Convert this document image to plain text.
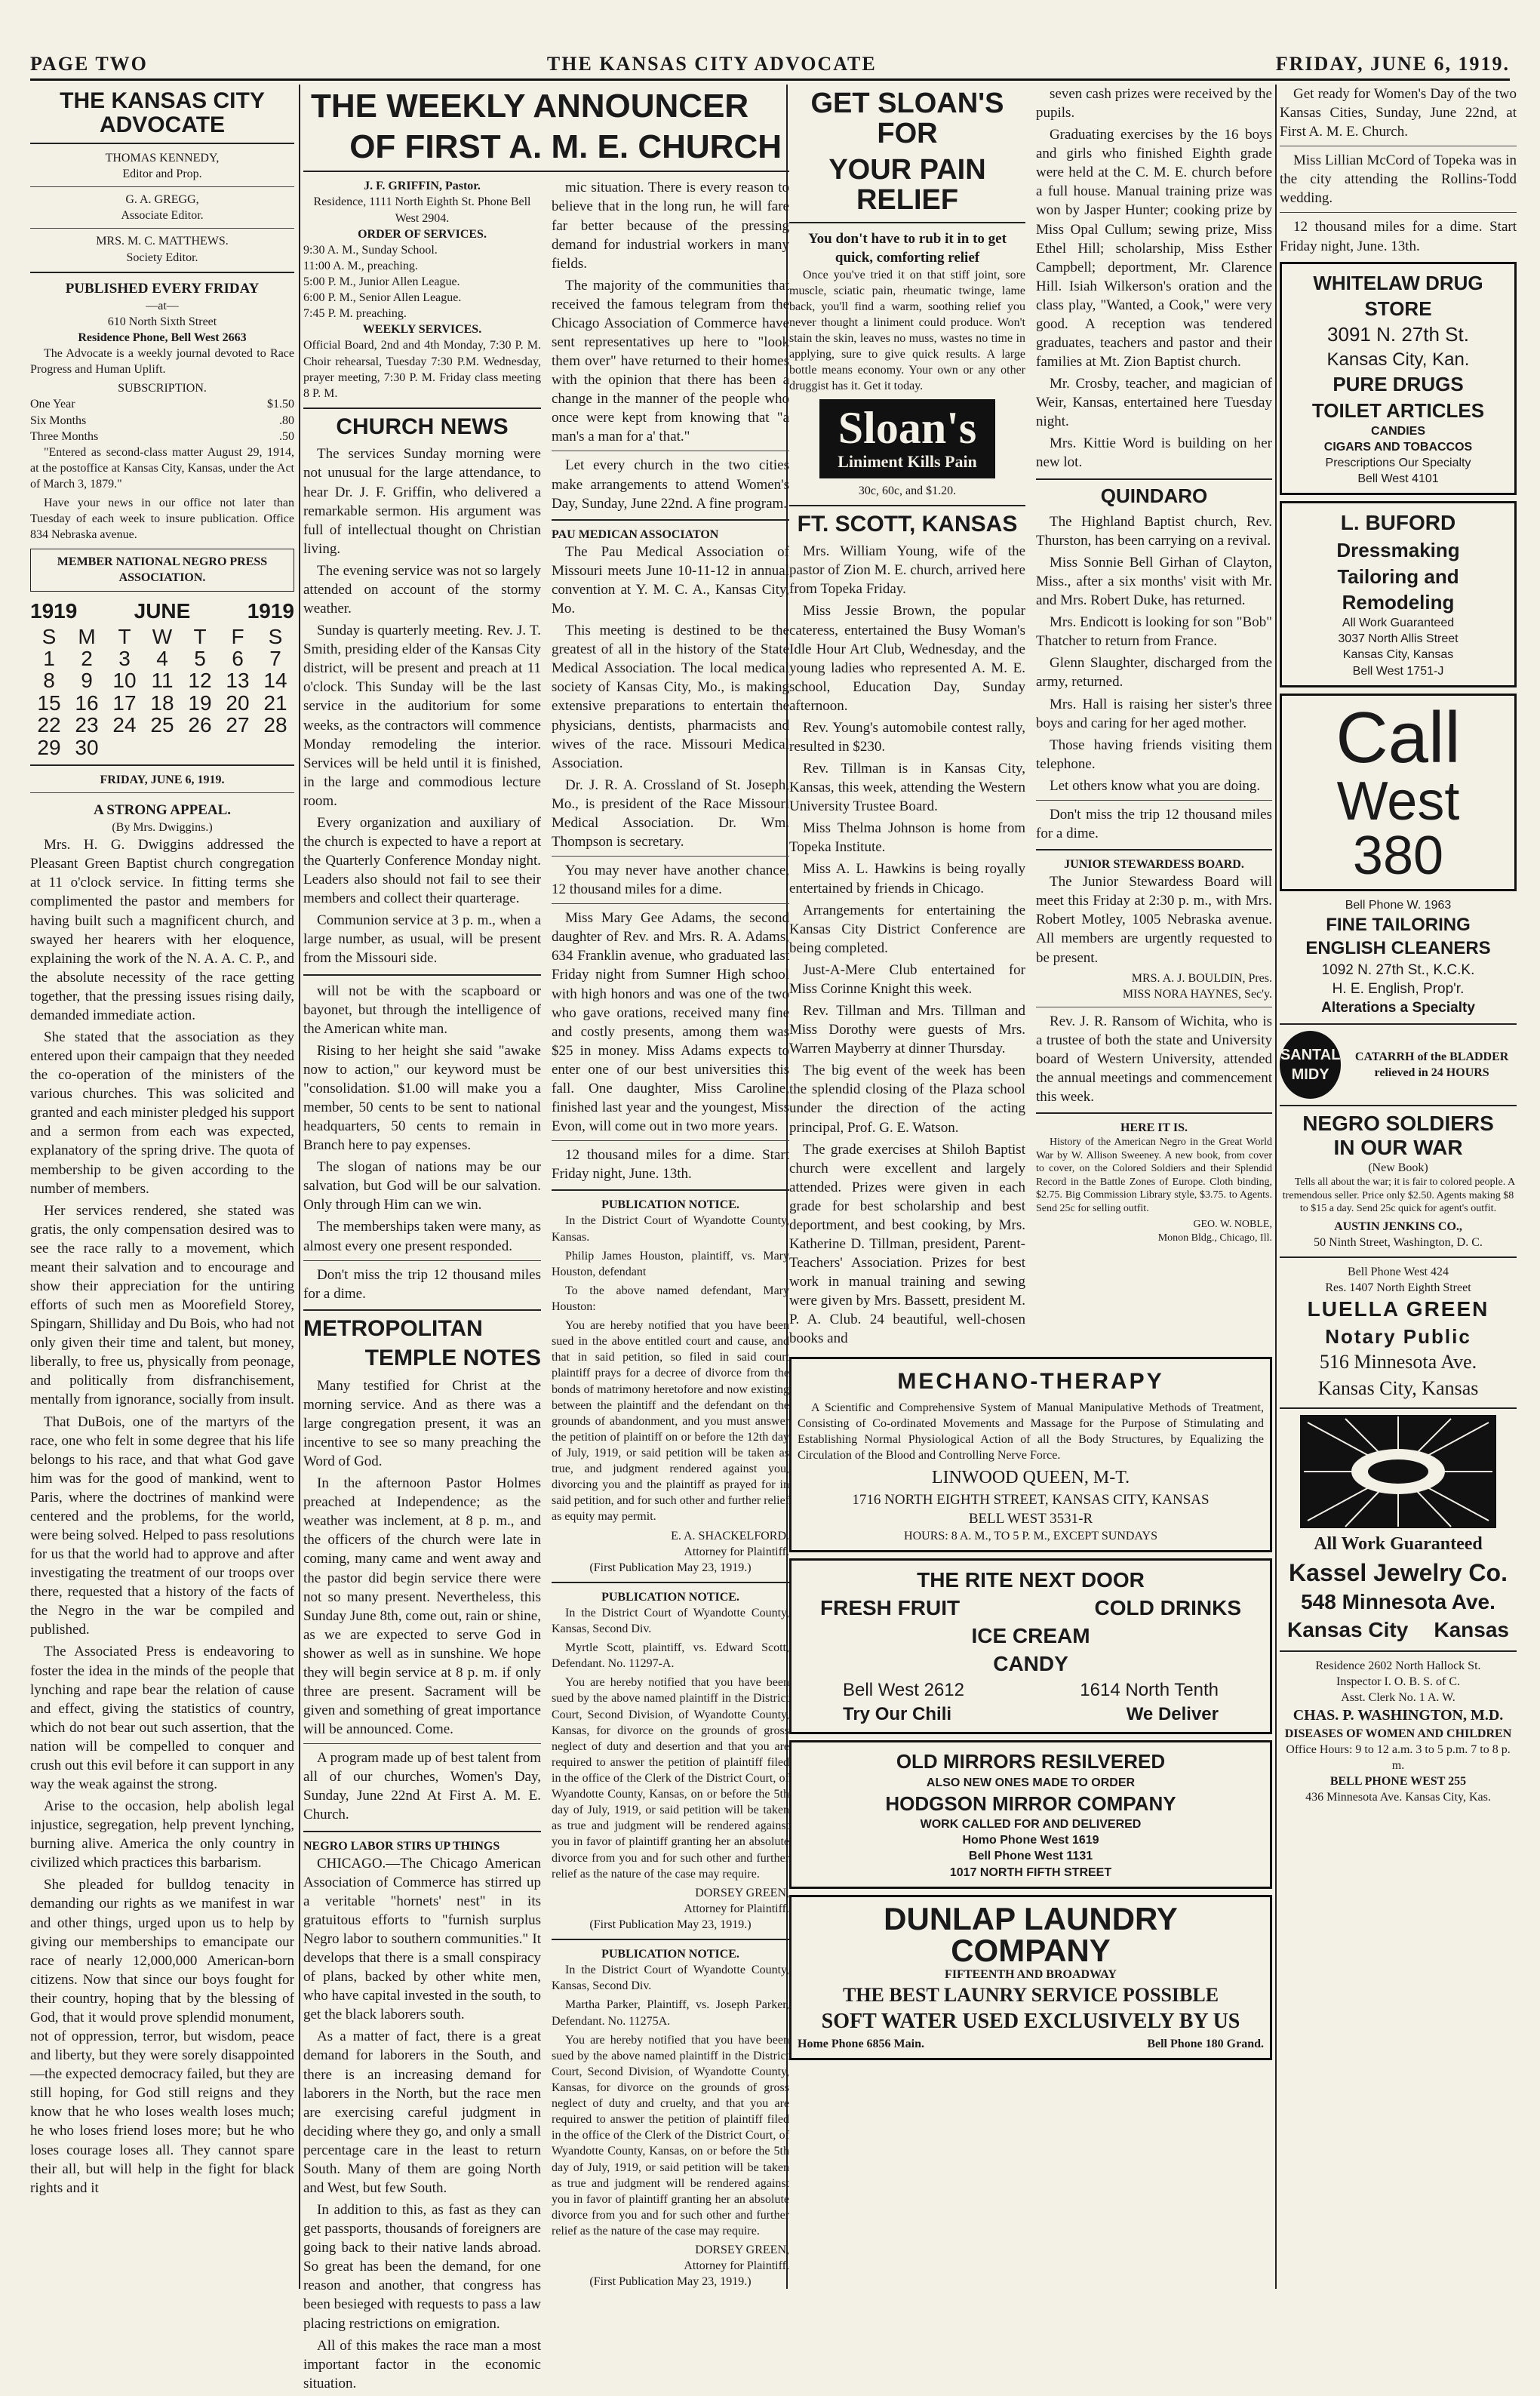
PAGE TWO	THE KANSAS CITY ADVOCATE	FRIDAY, JUNE 6, 1919.
THE KANSAS CITY ADVOCATE
THOMAS KENNEDY,
Editor and Prop.
G. A. GREGG,
Associate Editor.
MRS. M. C. MATTHEWS.
Society Editor.
PUBLISHED EVERY FRIDAY
—at—
610 North Sixth Street
Residence Phone, Bell West 2663

The Advocate is a weekly journal devoted to Race Progress and Human Uplift.

SUBSCRIPTION.
One Year	$1.50
Six Months	.80
Three Months	.50

"Entered as second-class matter August 29, 1914, at the postoffice at Kansas City, Kansas, under the Act of March 3, 1879."

Have your news in our office not later than Tuesday of each week to insure publication. Office 834 Nebraska avenue.

MEMBER NATIONAL NEGRO PRESS ASSOCIATION.
1919	JUNE	1919
S	M	T	W	T	F	S
1	2	3	4	5	6	7
8	9	10	11	12	13	14
15	16	17	18	19	20	21
22	23	24	25	26	27	28
29	30					
FRIDAY, JUNE 6, 1919.
A STRONG APPEAL.
(By Mrs. Dwiggins.)

Mrs. H. G. Dwiggins addressed the Pleasant Green Baptist church congregation at 11 o'clock service. In fitting terms she complimented the pastor and members for having built such a magnificent church, and swayed her hearers with her eloquence, explaining the work of the N. A. A. C. P., and the absolute necessity of the race getting together, that the pressing issues rising daily, demanded immediate action.

She stated that the association as they entered upon their campaign that they needed the co-operation of the ministers of the various churches. This was solicited and granted and each minister pledged his support and a sermon from each was expected, explanatory of the spring drive. The quota of membership to be given according to the number of members.

Her services rendered, she stated was gratis, the only compensation desired was to see the race rally to a movement, which meant their salvation and to encourage and show their appreciation for the untiring efforts of such men as Moorefield Storey, Spingarn, Shilliday and Du Bois, who had not only given their time and talent, but money, liberally, to free us, physically from peonage, and politically from disfranchisement, mentally from ignorance, socially from insult.

That DuBois, one of the martyrs of the race, one who felt in some degree that his life belongs to his race, and that what God gave him was for the good of mankind, went to Paris, where the doctrines of mankind were centered and the problems, for the world, were being solved. Helped to pass resolutions for us that the world had to approve and after investigating the treatment of our troops over there, requested that a history of the facts of the Negro in the war be compiled and published.

The Associated Press is endeavoring to foster the idea in the minds of the people that lynching and rape bear the relation of cause and effect, giving the statistics of country, which do not bear out such assertion, that the nation will be compelled to conquer and crush out this evil before it can support in any way the weak against the strong.

Arise to the occasion, help abolish legal injustice, segregation, help prevent lynching, burning alive. America the only country in civilized which practices this barbarism.

She pleaded for bulldog tenacity in demanding our rights as we manifest in war and other things, urged upon us to help by giving our memberships to emancipate our race of nearly 12,000,000 American-born citizens. Now that since our boys fought for their country, hoping that by the blessing of God, that it would prove splendid monument, not of oppression, terror, but wisdom, peace and liberty, but they were sorely disappointed—the expected democracy failed, but they are still hoping, for God still reigns and they know that he who loses wealth loses much; he who loses friend loses more; but he who loses courage loses all. They cannot spare their all, but will help in the fight for black rights and it

THE WEEKLY ANNOUNCER
OF FIRST A. M. E. CHURCH
J. F. GRIFFIN, Pastor.
Residence, 1111 North Eighth St. Phone Bell West 2904.
ORDER OF SERVICES.
9:30 A. M., Sunday School.
11:00 A. M., preaching.
5:00 P. M., Junior Allen League.
6:00 P. M., Senior Allen League.
7:45 P. M. preaching.
WEEKLY SERVICES.
Official Board, 2nd and 4th Monday, 7:30 P. M. Choir rehearsal, Tuesday 7:30 P.M. Wednesday, prayer meeting, 7:30 P. M. Friday class meeting 8 P. M.
CHURCH NEWS

The services Sunday morning were not unusual for the large attendance, to hear Dr. J. F. Griffin, who delivered a remarkable sermon. His argument was full of intellectual thought on Christian living.

The evening service was not so largely attended on account of the stormy weather.

Sunday is quarterly meeting. Rev. J. T. Smith, presiding elder of the Kansas City district, will be present and preach at 11 o'clock. This Sunday will be the last service in the auditorium for some weeks, as the contractors will commence Monday remodeling the interior. Services will be held until it is finished, in the large and commodious lecture room.

Every organization and auxiliary of the church is expected to have a report at the Quarterly Conference Monday night. Leaders also should not fail to see their members and collect their quarterage.

Communion service at 3 p. m., when a large number, as usual, will be present from the Missouri side.

will not be with the scapboard or bayonet, but through the intelligence of the American white man.

Rising to her height she said "awake now to action," our keyword must be "consolidation. $1.00 will make you a member, 50 cents to be sent to national headquarters, 50 cents to remain in Branch here to pay expenses.

The slogan of nations may be our salvation, but God will be our salvation. Only through Him can we win.

The memberships taken were many, as almost every one present responded.

Don't miss the trip 12 thousand miles for a dime.

METROPOLITAN
TEMPLE NOTES

Many testified for Christ at the morning service. And as there was a large congregation present, it was an incentive to see so many preaching the Word of God.

In the afternoon Pastor Holmes preached at Independence; as the weather was inclement, at 8 p. m., and the officers of the church were late in coming, many came and went away and the pastor did begin service there were not so many present. Nevertheless, this Sunday June 8th, come out, rain or shine, as we are expected to serve God in shower as well as in sunshine. We hope they will begin service at 8 p. m. if only three are present. Sacrament will be given and something of great importance will be announced. Come.

A program made up of best talent from all of our churches, Women's Day, Sunday, June 22nd At First A. M. E. Church.

NEGRO LABOR STIRS UP THINGS

CHICAGO.—The Chicago American Association of Commerce has stirred up a veritable "hornets' nest" in its gratuitous efforts to "furnish surplus Negro labor to southern communities." It develops that there is a small conspiracy of plans, backed by other white men, who have capital invested in the south, to get the black laborers south.

As a matter of fact, there is a great demand for laborers in the South, and there is an increasing demand for laborers in the North, but the race men are exercising careful judgment in deciding where they go, and only a small percentage care in the least to return South. Many of them are going North and West, but few South.

In addition to this, as fast as they can get passports, thousands of foreigners are going back to their native lands abroad. So great has been the demand, for one reason and another, that congress has been besieged with requests to pass a law placing restrictions on emigration.

All of this makes the race man a most important factor in the economic situation.

mic situation. There is every reason to believe that in the long run, he will fare far better because of the pressing demand for industrial workers in many fields.

The majority of the communities that received the famous telegram from the Chicago Association of Commerce have sent representatives up here to "look them over" have returned to their homes with the opinion that there has been a change in the manner of the people who once were kept from knowing that "a man's a man for a' that."

Let every church in the two cities make arrangements to attend Women's Day, Sunday, June 22nd. A fine program.

PAU MEDICAN ASSOCIATON

The Pau Medical Association of Missouri meets June 10-11-12 in annual convention at Y. M. C. A., Kansas City, Mo.

This meeting is destined to be the greatest of all in the history of the State Medical Association. The local medical society of Kansas City, Mo., is making extensive preparations to entertain the physicians, dentists, pharmacists and wives of the race. Missouri Medical Association.

Dr. J. R. A. Crossland of St. Joseph, Mo., is president of the Race Missouri Medical Association. Dr. Wm. Thompson is secretary.

You may never have another chance, 12 thousand miles for a dime.

Miss Mary Gee Adams, the second daughter of Rev. and Mrs. R. A. Adams, 634 Franklin avenue, who graduated last Friday night from Sumner High school with high honors and was one of the two who gave orations, received many fine and costly presents, among them was $25 in money. Miss Adams expects to enter one of our best universities this fall. One daughter, Miss Caroline, finished last year and the youngest, Miss Evon, will come out in two more years.

12 thousand miles for a dime. Start Friday night, June. 13th.

PUBLICATION NOTICE.

In the District Court of Wyandotte County, Kansas.

Philip James Houston, plaintiff, vs. Mary Houston, defendant

To the above named defendant, Mary Houston:

You are hereby notified that you have been sued in the above entitled court and cause, and that in said petition, so filed in said court plaintiff prays for a decree of divorce from the bonds of matrimony heretofore and now existing between the plaintiff and the defendant on the grounds of abandonment, and you must answer the petition of plaintiff on or before the 12th day of July, 1919, or said petition will be taken as true, and judgment rendered against you, divorcing you and the plaintiff as prayed for in said petition, and for such other and further relief as equity may permit.

E. A. SHACKELFORD.
Attorney for Plaintiff.
(First Publication May 23, 1919.)
PUBLICATION NOTICE.

In the District Court of Wyandotte County, Kansas, Second Div.

Myrtle Scott, plaintiff, vs. Edward Scott, Defendant. No. 11297-A.

You are hereby notified that you have been sued by the above named plaintiff in the District Court, Second Division, of Wyandotte County, Kansas, for divorce on the grounds of gross neglect of duty and desertion and that you are required to answer the petition of plaintiff filed in the office of the Clerk of the District Court, of Wyandotte County, Kansas, on or before the 5th day of July, 1919, or said petition will be taken as true and judgment will be rendered against you in favor of plaintiff granting her an absolute divorce from you and for such other and further relief as the nature of the case may require.

DORSEY GREEN,
Attorney for Plaintiff.
(First Publication May 23, 1919.)
PUBLICATION NOTICE.

In the District Court of Wyandotte County, Kansas, Second Div.

Martha Parker, Plaintiff, vs. Joseph Parker, Defendant. No. 11275A.

You are hereby notified that you have been sued by the above named plaintiff in the District Court, Second Division, of Wyandotte County, Kansas, for divorce on the grounds of gross neglect of duty and cruelty, and that you are required to answer the petition of plaintiff filed in the office of the Clerk of the District Court, of Wyandotte County, Kansas, on or before the 5th day of July, 1919, or said petition will be taken as true and judgment will be rendered against you in favor of plaintiff granting her an absolute divorce from you and for such other and further relief as the nature of the case may require.

DORSEY GREEN,
Attorney for Plaintiff.
(First Publication May 23, 1919.)
GET SLOAN'S FOR
YOUR PAIN RELIEF
You don't have to rub it in to get quick, comforting relief

Once you've tried it on that stiff joint, sore muscle, sciatic pain, rheumatic twinge, lame back, you'll find a warm, soothing relief you never thought a liniment could produce. Won't stain the skin, leaves no muss, wastes no time in applying, sure to give quick results. A large bottle means economy. Your own or any other druggist has it. Get it today.

Sloan's
Liniment Kills Pain
30c, 60c, and $1.20.
FT. SCOTT, KANSAS

Mrs. William Young, wife of the pastor of Zion M. E. church, arrived here from Topeka Friday.

Miss Jessie Brown, the popular cateress, entertained the Busy Woman's Idle Hour Art Club, Wednesday, and the young ladies who represented A. M. E. school, Education Day, Sunday afternoon.

Rev. Young's automobile contest rally, resulted in $230.

Rev. Tillman is in Kansas City, Kansas, this week, attending the Western University Trustee Board.

Miss Thelma Johnson is home from Topeka Institute.

Miss A. L. Hawkins is being royally entertained by friends in Chicago.

Arrangements for entertaining the Kansas City District Conference are being completed.

Just-A-Mere Club entertained for Miss Corinne Knight this week.

Rev. Tillman and Mrs. Tillman and Miss Dorothy were guests of Mrs. Warren Mayberry at dinner Thursday.

The big event of the week has been the splendid closing of the Plaza school under the direction of the acting principal, Prof. G. E. Watson.

The grade exercises at Shiloh Baptist church were excellent and largely attended. Prizes were given in each grade for best scholarship and best deportment, and best cooking, by Mrs. Katherine D. Tillman, president, Parent-Teachers' Association. Prizes for best work in manual training and sewing were given by Mrs. Bassett, president M. P. A. Club. 24 beautiful, well-chosen books and

seven cash prizes were received by the pupils.

Graduating exercises by the 16 boys and girls who finished Eighth grade were held at the C. M. E. church before a full house. Manual training prize was won by Jasper Hunter; cooking prize by Miss Opal Cullum; sewing prize, Miss Ethel Hill; scholarship, Miss Esther Campbell; deportment, Mr. Clarence Hill. Isiah Wilkerson's oration and the class play, "Wanted, a Cook," were very good. A reception was tendered graduates, teachers and pastor and their families at Mt. Zion Baptist church.

Mr. Crosby, teacher, and magician of Weir, Kansas, entertained here Tuesday night.

Mrs. Kittie Word is building on her new lot.

QUINDARO

The Highland Baptist church, Rev. Thurston, has been carrying on a revival.

Miss Sonnie Bell Girhan of Clayton, Miss., after a six months' visit with Mr. and Mrs. Robert Duke, has returned.

Mrs. Endicott is looking for son "Bob" Thatcher to return from France.

Glenn Slaughter, discharged from the army, returned.

Mrs. Hall is raising her sister's three boys and caring for her aged mother.

Those having friends visiting them telephone.

Let others know what you are doing.

Don't miss the trip 12 thousand miles for a dime.

JUNIOR STEWARDESS BOARD.

The Junior Stewardess Board will meet this Friday at 2:30 p. m., with Mrs. Robert Motley, 1005 Nebraska avenue. All members are urgently requested to be present.

MRS. A. J. BOULDIN, Pres.
MISS NORA HAYNES, Sec'y.

Rev. J. R. Ransom of Wichita, who is a trustee of both the state and University board of Western University, attended the annual meetings and commencement this week.

HERE IT IS.

History of the American Negro in the Great World War by W. Allison Sweeney. A new book, from cover to cover, on the Colored Soldiers and their Splendid Record in the Battle Zones of Europe. Cloth binding, $2.75. Big Commission Library style, $3.75. to Agents. Send 25c for selling outfit.

GEO. W. NOBLE,
Monon Bldg., Chicago, Ill.
MECHANO-THERAPY

A Scientific and Comprehensive System of Manual Manipulative Methods of Treatment, Consisting of Co-ordinated Movements and Massage for the Purpose of Stimulating and Establishing Normal Physiological Action of all the Body Structures, by Equalizing the Circulation of the Blood and Controlling Nerve Force.

LINWOOD QUEEN, M-T.
1716 NORTH EIGHTH STREET, KANSAS CITY, KANSAS
BELL WEST 3531-R
HOURS: 8 A. M., TO 5 P. M., EXCEPT SUNDAYS
THE RITE NEXT DOOR
FRESH FRUIT	COLD DRINKS
ICE CREAM
CANDY
Bell West 2612	1614 North Tenth
Try Our Chili	We Deliver
OLD MIRRORS RESILVERED
ALSO NEW ONES MADE TO ORDER
HODGSON MIRROR COMPANY
WORK CALLED FOR AND DELIVERED
Homo Phone West 1619
Bell Phone West 1131
1017 NORTH FIFTH STREET
DUNLAP LAUNDRY
COMPANY
FIFTEENTH AND BROADWAY
THE BEST LAUNRY SERVICE POSSIBLE
SOFT WATER USED EXCLUSIVELY BY US
Home Phone 6856 Main.	Bell Phone 180 Grand.

Get ready for Women's Day of the two Kansas Cities, Sunday, June 22nd, at First A. M. E. Church.

Miss Lillian McCord of Topeka was in the city attending the Rollins-Todd wedding.

12 thousand miles for a dime. Start Friday night, June. 13th.

WHITELAW DRUG STORE
3091 N. 27th St.
Kansas City, Kan.
PURE DRUGS
TOILET ARTICLES
CANDIES
CIGARS AND TOBACCOS
Prescriptions Our Specialty
Bell West 4101
L. BUFORD
Dressmaking
Tailoring and
Remodeling
All Work Guaranteed
3037 North Allis Street
Kansas City, Kansas
Bell West 1751-J
Call
West
380
Bell Phone W. 1963
FINE TAILORING
ENGLISH CLEANERS
1092 N. 27th St., K.C.K.
H. E. English, Prop'r.
Alterations a Specialty
SANTAL
MIDY
CATARRH of the BLADDER relieved in 24 HOURS
NEGRO SOLDIERS
IN OUR WAR
(New Book)

Tells all about the war; it is fair to colored people. A tremendous seller. Price only $2.50. Agents making $8 to $15 a day. Send 25c quick for agent's outfit.

AUSTIN JENKINS CO.,
50 Ninth Street, Washington, D. C.
Bell Phone West 424
Res. 1407 North Eighth Street
LUELLA GREEN
Notary Public
516 Minnesota Ave.
Kansas City, Kansas
All Work Guaranteed
Kassel Jewelry Co.
548 Minnesota Ave.
Kansas City Kansas
Residence 2602 North Hallock St.
Inspector I. O. B. S. of C.
Asst. Clerk No. 1 A. W.
CHAS. P. WASHINGTON, M.D.
DISEASES OF WOMEN AND CHILDREN
Office Hours: 9 to 12 a.m. 3 to 5 p.m. 7 to 8 p. m.
BELL PHONE WEST 255
436 Minnesota Ave. Kansas City, Kas.
